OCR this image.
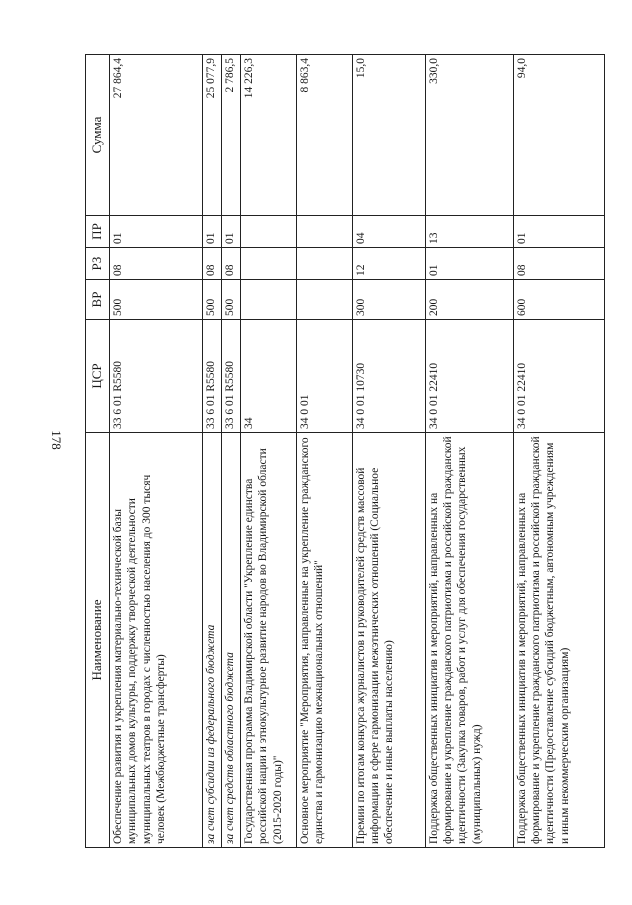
178
Наименование	ЦСР	ВР	РЗ	ПР	Сумма
Обеспечение развития и укрепления материально-технической базы муниципальных домов культуры, поддержку творческой деятельности муниципальных театров в городах с численностью населения до 300 тысяч человек (Межбюджетные трансферты)	33 6 01 R5580	500	08	01	27 864,4
за счет субсидии из федерального бюджета	33 6 01 R5580	500	08	01	25 077,9
за счет средств областного бюджета	33 6 01 R5580	500	08	01	2 786,5
Государственная программа Владимирской области "Укрепление единства российской нации и этнокультурное развитие народов во Владимирской области (2015-2020 годы)"	34				14 226,3
Основное мероприятие "Мероприятия, направленные на укрепление гражданского единства и гармонизацию межнациональных отношений"	34 0 01				8 863,4
Премии по итогам конкурса журналистов и руководителей средств массовой информации в сфере гармонизации межэтнических отношений (Социальное обеспечение и иные выплаты населению)	34 0 01 10730	300	12	04	15,0
Поддержка общественных инициатив и мероприятий, направленных на формирование и укрепление гражданского патриотизма и российской гражданской идентичности (Закупка товаров, работ и услуг для обеспечения государственных (муниципальных) нужд)	34 0 01 22410	200	01	13	330,0
Поддержка общественных инициатив и мероприятий, направленных на формирование и укрепление гражданского патриотизма и российской гражданской идентичности (Предоставление субсидий бюджетным, автономным учреждениям и иным некоммерческим организациям)	34 0 01 22410	600	08	01	94,0
